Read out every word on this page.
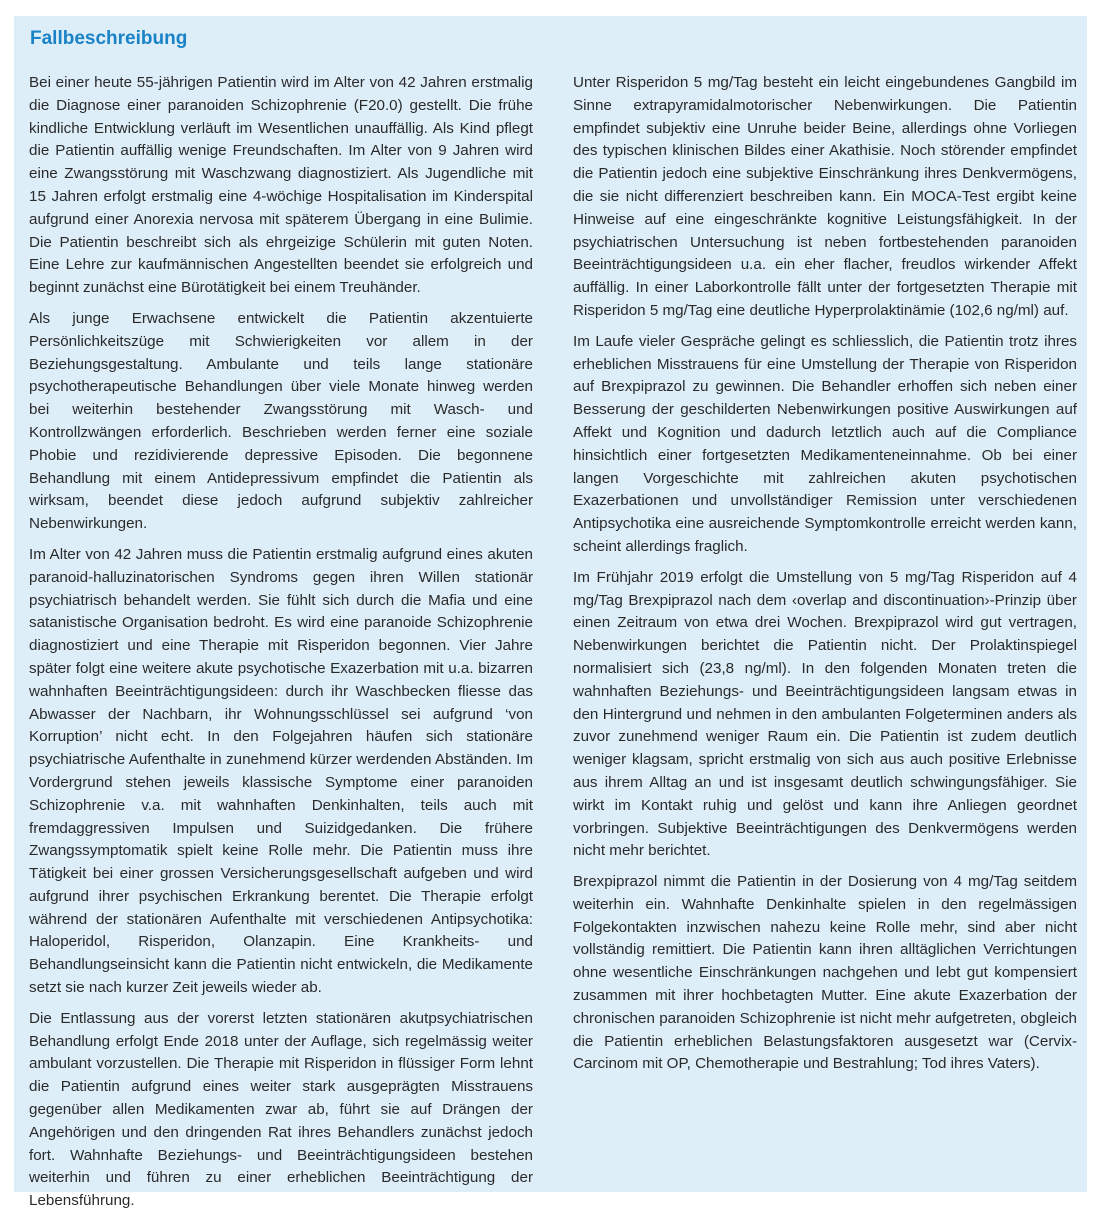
Fallbeschreibung

Bei einer heute 55-jährigen Patientin wird im Alter von 42 Jahren erstmalig die Diagnose einer paranoiden Schizophrenie (F20.0) gestellt. Die frühe kindliche Entwicklung verläuft im Wesentlichen unauffällig. Als Kind pflegt die Patientin auffällig wenige Freundschaften. Im Alter von 9 Jahren wird eine Zwangsstörung mit Waschzwang diagnostiziert. Als Jugendliche mit 15 Jahren erfolgt erstmalig eine 4-wöchige Hospitalisation im Kinderspital aufgrund einer Anorexia nervosa mit späterem Übergang in eine Bulimie. Die Patientin beschreibt sich als ehrgeizige Schülerin mit guten Noten. Eine Lehre zur kaufmännischen Angestellten beendet sie erfolgreich und beginnt zunächst eine Bürotätigkeit bei einem Treuhänder.

Als junge Erwachsene entwickelt die Patientin akzentuierte Persönlichkeitszüge mit Schwierigkeiten vor allem in der Beziehungsgestaltung. Ambulante und teils lange stationäre psychotherapeutische Behandlungen über viele Monate hinweg werden bei weiterhin bestehender Zwangsstörung mit Wasch- und Kontrollzwängen erforderlich. Beschrieben werden ferner eine soziale Phobie und rezidivierende depressive Episoden. Die begonnene Behandlung mit einem Antidepressivum empfindet die Patientin als wirksam, beendet diese jedoch aufgrund subjektiv zahlreicher Nebenwirkungen.

Im Alter von 42 Jahren muss die Patientin erstmalig aufgrund eines akuten paranoid-halluzinatorischen Syndroms gegen ihren Willen stationär psychiatrisch behandelt werden. Sie fühlt sich durch die Mafia und eine satanistische Organisation bedroht. Es wird eine paranoide Schizophrenie diagnostiziert und eine Therapie mit Risperidon begonnen. Vier Jahre später folgt eine weitere akute psychotische Exazerbation mit u.a. bizarren wahnhaften Beeinträchtigungsideen: durch ihr Waschbecken fliesse das Abwasser der Nachbarn, ihr Wohnungsschlüssel sei aufgrund ‘von Korruption’ nicht echt. In den Folgejahren häufen sich stationäre psychiatrische Aufenthalte in zunehmend kürzer werdenden Abständen. Im Vordergrund stehen jeweils klassische Symptome einer paranoiden Schizophrenie v.a. mit wahnhaften Denkinhalten, teils auch mit fremdaggressiven Impulsen und Suizidgedanken. Die frühere Zwangssymptomatik spielt keine Rolle mehr. Die Patientin muss ihre Tätigkeit bei einer grossen Versicherungsgesellschaft aufgeben und wird aufgrund ihrer psychischen Erkrankung berentet. Die Therapie erfolgt während der stationären Aufenthalte mit verschiedenen Antipsychotika: Haloperidol, Risperidon, Olanzapin. Eine Krankheits- und Behandlungseinsicht kann die Patientin nicht entwickeln, die Medikamente setzt sie nach kurzer Zeit jeweils wieder ab.

Die Entlassung aus der vorerst letzten stationären akutpsychiatrischen Behandlung erfolgt Ende 2018 unter der Auflage, sich regelmässig weiter ambulant vorzustellen. Die Therapie mit Risperidon in flüssiger Form lehnt die Patientin aufgrund eines weiter stark ausgeprägten Misstrauens gegenüber allen Medikamenten zwar ab, führt sie auf Drängen der Angehörigen und den dringenden Rat ihres Behandlers zunächst jedoch fort. Wahnhafte Beziehungs- und Beeinträchtigungsideen bestehen weiterhin und führen zu einer erheblichen Beeinträchtigung der Lebensführung.

Unter Risperidon 5 mg/Tag besteht ein leicht eingebundenes Gangbild im Sinne extrapyramidalmotorischer Nebenwirkungen. Die Patientin empfindet subjektiv eine Unruhe beider Beine, allerdings ohne Vorliegen des typischen klinischen Bildes einer Akathisie. Noch störender empfindet die Patientin jedoch eine subjektive Einschränkung ihres Denkvermögens, die sie nicht differenziert beschreiben kann. Ein MOCA-Test ergibt keine Hinweise auf eine eingeschränkte kognitive Leistungsfähigkeit. In der psychiatrischen Untersuchung ist neben fortbestehenden paranoiden Beeinträchtigungsideen u.a. ein eher flacher, freudlos wirkender Affekt auffällig. In einer Laborkontrolle fällt unter der fortgesetzten Therapie mit Risperidon 5 mg/Tag eine deutliche Hyperprolaktinämie (102,6 ng/ml) auf.

Im Laufe vieler Gespräche gelingt es schliesslich, die Patientin trotz ihres erheblichen Misstrauens für eine Umstellung der Therapie von Risperidon auf Brexpiprazol zu gewinnen. Die Behandler erhoffen sich neben einer Besserung der geschilderten Nebenwirkungen positive Auswirkungen auf Affekt und Kognition und dadurch letztlich auch auf die Compliance hinsichtlich einer fortgesetzten Medikamenteneinnahme. Ob bei einer langen Vorgeschichte mit zahlreichen akuten psychotischen Exazerbationen und unvollständiger Remission unter verschiedenen Antipsychotika eine ausreichende Symptomkontrolle erreicht werden kann, scheint allerdings fraglich.

Im Frühjahr 2019 erfolgt die Umstellung von 5 mg/Tag Risperidon auf 4 mg/Tag Brexpiprazol nach dem ‹overlap and discontinuation›-Prinzip über einen Zeitraum von etwa drei Wochen. Brexpiprazol wird gut vertragen, Nebenwirkungen berichtet die Patientin nicht. Der Prolaktinspiegel normalisiert sich (23,8 ng/ml). In den folgenden Monaten treten die wahnhaften Beziehungs- und Beeinträchtigungsideen langsam etwas in den Hintergrund und nehmen in den ambulanten Folgeterminen anders als zuvor zunehmend weniger Raum ein. Die Patientin ist zudem deutlich weniger klagsam, spricht erstmalig von sich aus auch positive Erlebnisse aus ihrem Alltag an und ist insgesamt deutlich schwingungsfähiger. Sie wirkt im Kontakt ruhig und gelöst und kann ihre Anliegen geordnet vorbringen. Subjektive Beeinträchtigungen des Denkvermögens werden nicht mehr berichtet.

Brexpiprazol nimmt die Patientin in der Dosierung von 4 mg/Tag seitdem weiterhin ein. Wahnhafte Denkinhalte spielen in den regelmässigen Folgekontakten inzwischen nahezu keine Rolle mehr, sind aber nicht vollständig remittiert. Die Patientin kann ihren alltäglichen Verrichtungen ohne wesentliche Einschränkungen nachgehen und lebt gut kompensiert zusammen mit ihrer hochbetagten Mutter. Eine akute Exazerbation der chronischen paranoiden Schizophrenie ist nicht mehr aufgetreten, obgleich die Patientin erheblichen Belastungsfaktoren ausgesetzt war (Cervix-Carcinom mit OP, Chemotherapie und Bestrahlung; Tod ihres Vaters).
